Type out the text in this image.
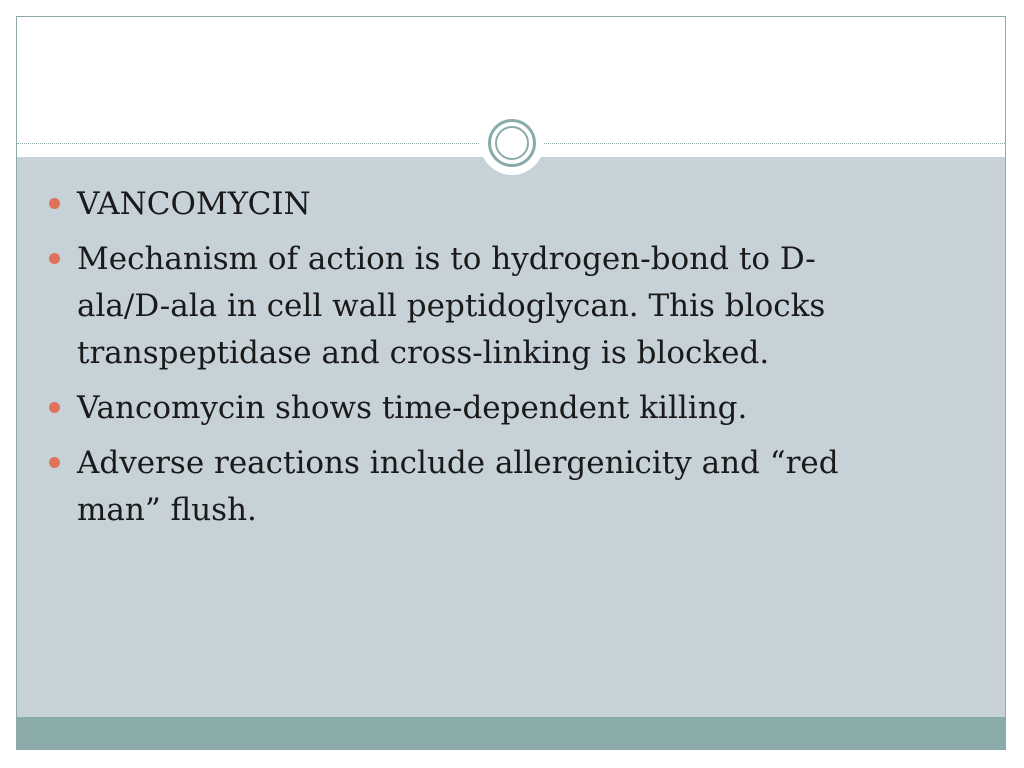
VANCOMYCIN
Mechanism of action is to hydrogen-bond to D-ala/D-ala in cell wall peptidoglycan. This blocks transpeptidase and cross-linking is blocked.
Vancomycin shows time-dependent killing.
Adverse reactions include allergenicity and “red man” flush.
